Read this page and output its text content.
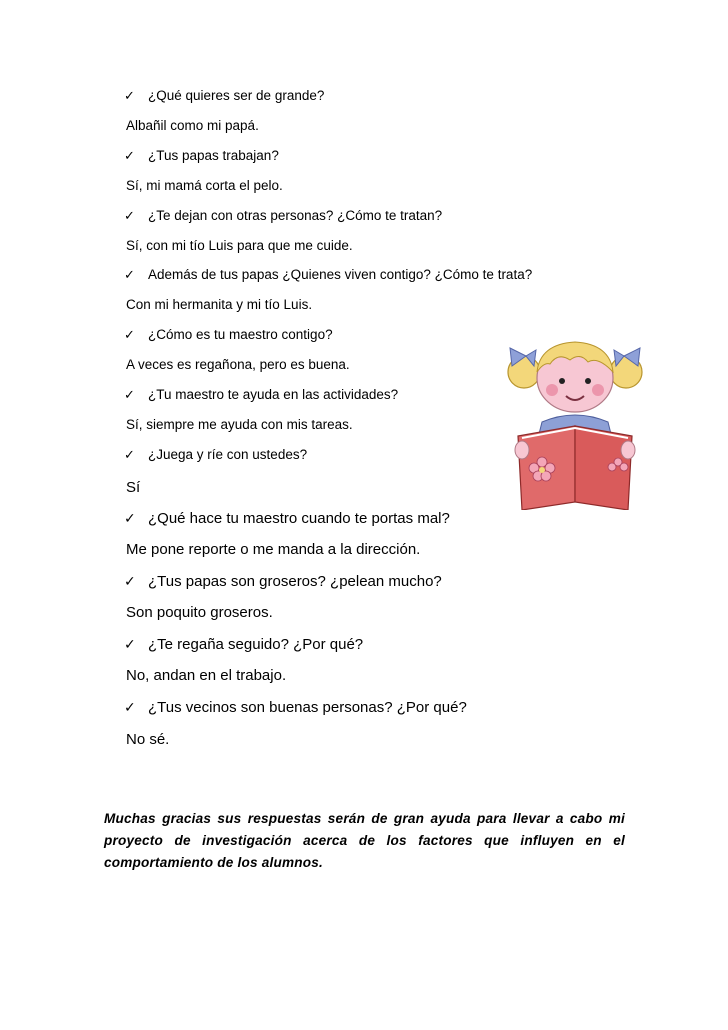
✓ ¿Qué quieres ser de grande?
Albañil como mi papá.
✓ ¿Tus papas trabajan?
Sí, mi mamá corta el pelo.
✓ ¿Te dejan con otras personas? ¿Cómo te tratan?
Sí, con mi tío Luis para que me cuide.
✓ Además de tus papas ¿Quienes viven contigo? ¿Cómo te trata?
Con mi hermanita y mi tío Luis.
✓ ¿Cómo es tu maestro contigo?
A veces es regañona, pero es buena.
✓ ¿Tu maestro te ayuda en las actividades?
Sí, siempre me ayuda con mis tareas.
✓ ¿Juega y ríe con ustedes?
Sí
✓ ¿Qué hace tu maestro cuando te portas mal?
Me pone reporte o me manda a la dirección.
✓ ¿Tus papas son groseros? ¿pelean mucho?
Son poquito groseros.
✓ ¿Te regaña seguido? ¿Por qué?
No, andan en el trabajo.
✓ ¿Tus vecinos son buenas personas? ¿Por qué?
No sé.
Muchas gracias sus respuestas serán de gran ayuda para llevar a cabo mi proyecto de investigación acerca de los factores que influyen en el comportamiento de los alumnos.
